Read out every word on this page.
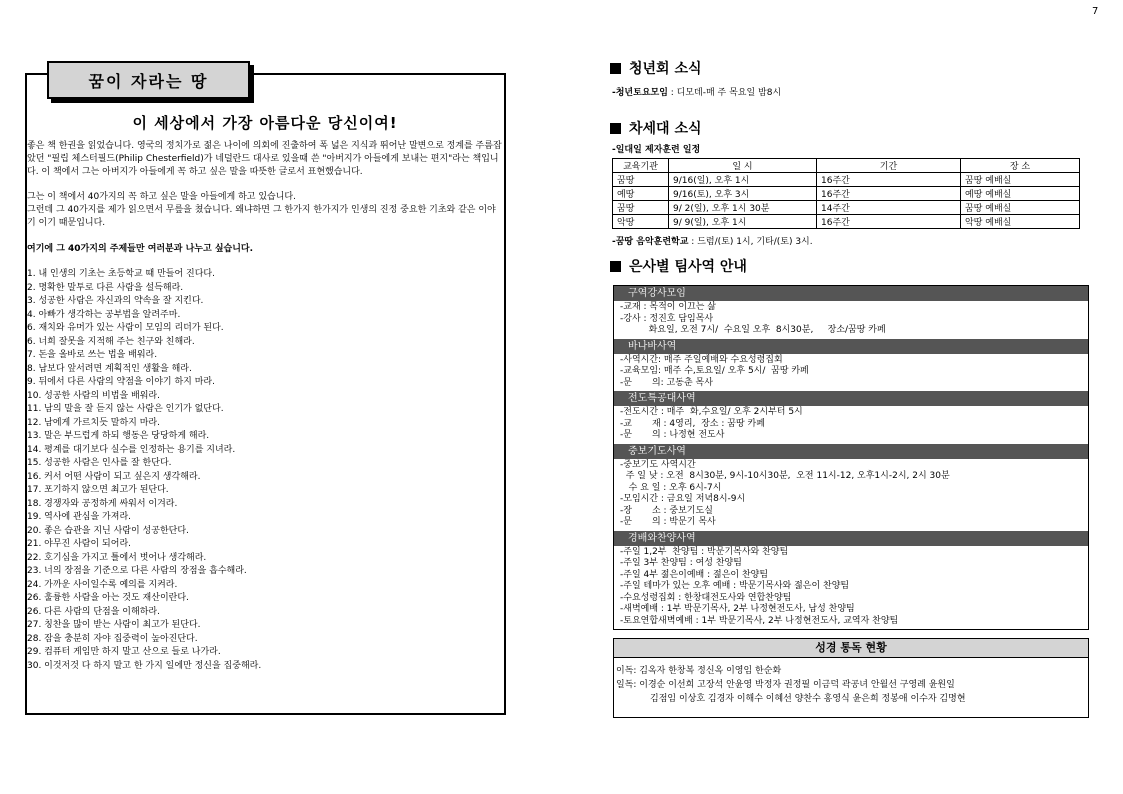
7
꿈이 자라는 땅
이 세상에서 가장 아름다운 당신이여!

좋은 책 한권을 읽었습니다. 영국의 정치가로 젊은 나이에 의회에 진출하여 폭 넓은 지식과 뛰어난 말변으로 정계를 주름잡았던 "필립 체스터필드(Philip Chesterfield)가 네덜란드 대사로 있을때 쓴 "아버지가 아들에게 보내는 편지"라는 책입니다. 이 책에서 그는 아버지가 아들에게 꼭 하고 싶은 말을 따뜻한 글로서 표현했습니다.

그는 이 책에서 40가지의 꼭 하고 싶은 말을 아들에게 하고 있습니다.

그런데 그 40가지를 제가 읽으면서 무릎을 쳤습니다. 왜냐하면 그 한가지 한가지가 인생의 진정 중요한 기초와 같은 이야기 이기 때문입니다.

여기에 그 40가지의 주제들만 여러분과 나누고 싶습니다.

1. 내 인생의 기초는 초등학교 때 만들어 진다다.
2. 명확한 말투로 다른 사람을 설득해라.
3. 성공한 사람은 자신과의 약속을 잘 지킨다.
4. 아빠가 생각하는 공부법을 알려주마.
6. 재치와 유머가 있는 사람이 모임의 리더가 된다.
6. 너희 잘못을 지적해 주는 친구와 친해라.
7. 돈을 올바로 쓰는 법을 배워라.
8. 남보다 앞서려면 계획적인 생활을 해라.
9. 뒤에서 다른 사람의 약점을 이야기 하지 마라.
10. 성공한 사람의 비법을 배워라.
11. 남의 말을 잘 듣지 않는 사람은 인기가 없단다.
12. 남에게 가르치듯 말하지 마라.
13. 말은 부드럽게 하되 행동은 당당하게 해라.
14. 평계를 대기보다 실수를 인정하는 용기를 지녀라.
15. 성공한 사람은 인사를 잘 한단다.
16. 커서 어떤 사람이 되고 싶은지 생각해라.
17. 포기하지 않으면 최고가 된단다.
18. 경쟁자와 공정하게 싸워서 이겨라.
19. 역사에 관심을 가져라.
20. 좋은 습관을 지닌 사람이 성공한단다.
21. 야무진 사람이 되어라.
22. 호기심을 가지고 틀에서 벗어나 생각해라.
23. 너의 장점을 기준으로 다른 사람의 장점을 흡수해라.
24. 가까운 사이일수록 예의를 지켜라.
26. 훌륭한 사람을 아는 것도 재산이란다.
26. 다른 사람의 단점을 이해하라.
27. 칭찬을 많이 받는 사람이 최고가 된단다.
28. 잠을 충분히 자야 집중력이 높아진단다.
29. 컴퓨터 게임만 하지 말고 산으로 들로 나가라.
30. 이것저것 다 하지 말고 한 가지 일에만 정신을 집중해라.
청년회 소식
-청년토요모임 : 디모데-매 주 목요일 밤8시
차세대 소식
-일대일 제자훈련 일정
교육기관	일 시	기간	장 소
꿈땅	9/16(일), 오후 1시	16주간	꿈땅 예배실
예땅	9/16(토), 오후 3시	16주간	예땅 예배실
꿈땅	9/ 2(일), 오후 1시 30분	14주간	꿈땅 예배실
악땅	9/ 9(일), 오후 1시	16주간	악땅 예배실
-꿈땅 음악훈련학교 : 드럼/(토) 1시, 기타/(토) 3시.
은사별 팀사역 안내
구역강사모임
-교재 : 목적이 이끄는 삶
-강사 : 정진호 담임목사
화요일, 오전 7시/  수요일 오후  8시30분,     장소/꿈땅 카페
바나바사역
-사역시간: 매주 주일예배와 수요성령집회
-교육모임: 매주 수,토요일/ 오후 5시/  꿈땅 카페
-문       의: 고동춘 목사
전도특공대사역
-전도시간 : 매주  화,수요일/ 오후 2시부터 5시
-교       재 : 4영리,  장소 : 꿈땅 카페
-문       의 : 나정현 전도사
중보기도사역
-중보기도 사역시간
주 일 낮 : 오전  8시30분, 9시-10시30분,  오전 11시-12, 오후1시-2시, 2시 30분
수 요 일 : 오후 6시-7시
-모임시간 : 금요일 저녁8시-9시
-장       소 : 중보기도실
-문       의 : 박문기 목사
경배와찬양사역
-주일 1,2부  찬양팀 : 박문기목사와 찬양팀
-주일 3부 찬양팀 : 여성 찬양팀
-주일 4부 젊은이예배 : 젊은이 찬양팀
-주일 테마가 있는 오후 예배 : 박문기목사와 젊은이 찬양팀
-수요성령집회 : 한창대전도사와 연합찬양팀
-새벽예배 : 1부 박문기목사, 2부 나정현전도사, 남성 찬양팀
-토요연합새벽예배 : 1부 박문기목사, 2부 나정현전도사, 교역자 찬양팀
성경 통독 현황
이독: 김옥자 한창복 정신옥 이영임 한순화
일독: 이경순 이선희 고장석 안윤영 박정자 권정필 이금덕 곽공녀 안월선 구영례 윤원일
김점임 이상호 김경자 이해수 이혜선 양찬수 홍영식 윤은희 정봉애 이수자 김명현
